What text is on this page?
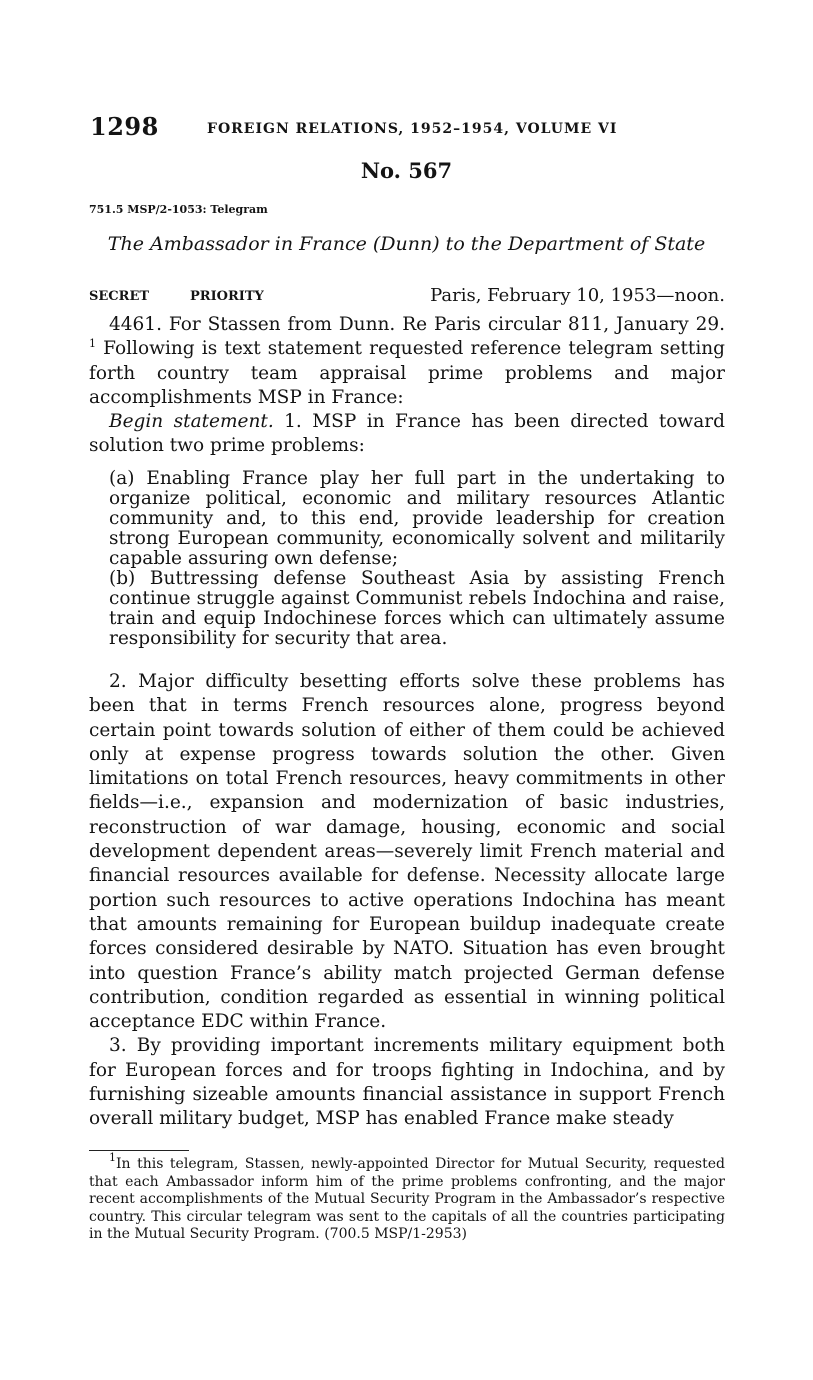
1298	FOREIGN RELATIONS, 1952–1954, VOLUME VI
No. 567
751.5 MSP/2-1053: Telegram
The Ambassador in France (Dunn) to the Department of State
SECRET	PRIORITY	Paris, February 10, 1953—noon.

4461. For Stassen from Dunn. Re Paris circular 811, January 29. $^1$ Following is text statement requested reference telegram setting forth country team appraisal prime problems and major accomplishments MSP in France:

Begin statement. 1. MSP in France has been directed toward solution two prime problems:

(a) Enabling France play her full part in the undertaking to organize political, economic and military resources Atlantic community and, to this end, provide leadership for creation strong European community, economically solvent and militarily capable assuring own defense;

(b) Buttressing defense Southeast Asia by assisting French continue struggle against Communist rebels Indochina and raise, train and equip Indochinese forces which can ultimately assume responsibility for security that area.

2. Major difficulty besetting efforts solve these problems has been that in terms French resources alone, progress beyond certain point towards solution of either of them could be achieved only at expense progress towards solution the other. Given limitations on total French resources, heavy commitments in other fields—i.e., expansion and modernization of basic industries, reconstruction of war damage, housing, economic and social development dependent areas—severely limit French material and financial resources available for defense. Necessity allocate large portion such resources to active operations Indochina has meant that amounts remaining for European buildup inadequate create forces considered desirable by NATO. Situation has even brought into question France’s ability match projected German defense contribution, condition regarded as essential in winning political acceptance EDC within France.

3. By providing important increments military equipment both for European forces and for troops fighting in Indochina, and by furnishing sizeable amounts financial assistance in support French overall military budget, MSP has enabled France make steady

$^1$In this telegram, Stassen, newly-appointed Director for Mutual Security, requested that each Ambassador inform him of the prime problems confronting, and the major recent accomplishments of the Mutual Security Program in the Ambassador’s respective country. This circular telegram was sent to the capitals of all the countries participating in the Mutual Security Program. (700.5 MSP/1-2953)
